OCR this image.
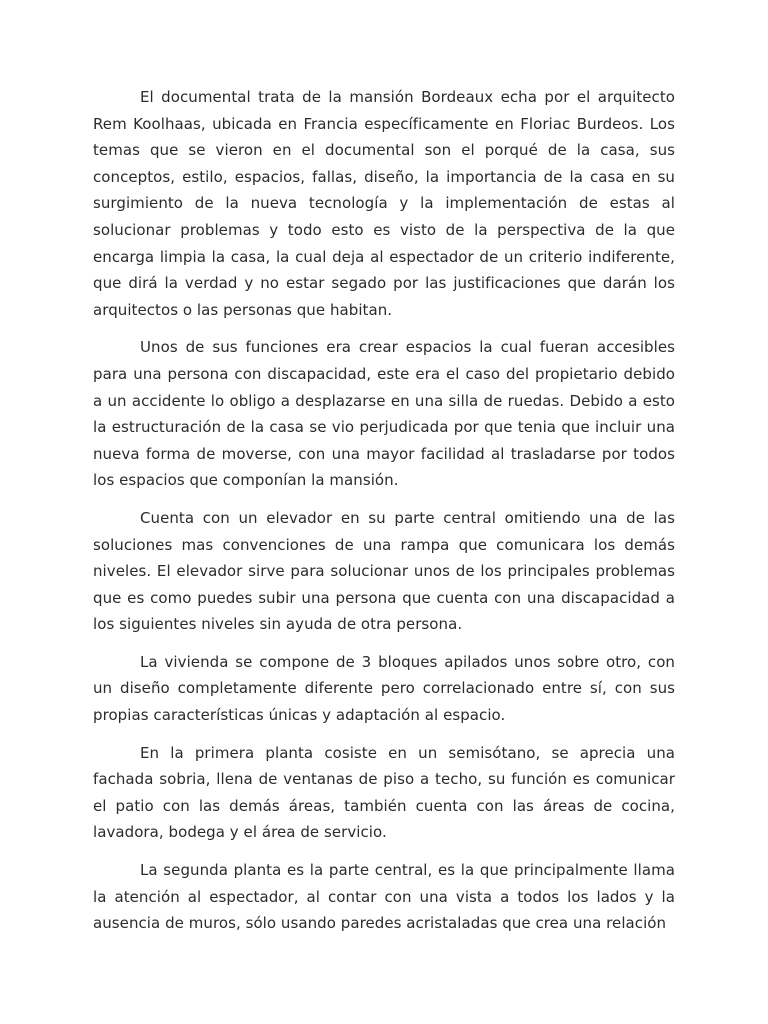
El documental trata de la mansión Bordeaux echa por el arquitecto Rem Koolhaas, ubicada en Francia específicamente en Floriac Burdeos. Los temas que se vieron en el documental son el porqué de la casa, sus conceptos, estilo, espacios, fallas, diseño, la importancia de la casa en su surgimiento de la nueva tecnología y la implementación de estas al solucionar problemas y todo esto es visto de la perspectiva de la que encarga limpia la casa, la cual deja al espectador de un criterio indiferente, que dirá la verdad y no estar segado por las justificaciones que darán los arquitectos o las personas que habitan.

Unos de sus funciones era crear espacios la cual fueran accesibles para una persona con discapacidad, este era el caso del propietario debido a un accidente lo obligo a desplazarse en una silla de ruedas. Debido a esto la estructuración de la casa se vio perjudicada por que tenia que incluir una nueva forma de moverse, con una mayor facilidad al trasladarse por todos los espacios que componían la mansión.

Cuenta con un elevador en su parte central omitiendo una de las soluciones mas convenciones de una rampa que comunicara los demás niveles. El elevador sirve para solucionar unos de los principales problemas que es como puedes subir una persona que cuenta con una discapacidad a los siguientes niveles sin ayuda de otra persona.

La vivienda se compone de 3 bloques apilados unos sobre otro, con un diseño completamente diferente pero correlacionado entre sí, con sus propias características únicas y adaptación al espacio.

En la primera planta cosiste en un semisótano, se aprecia una fachada sobria, llena de ventanas de piso a techo, su función es comunicar el patio con las demás áreas, también cuenta con las áreas de cocina, lavadora, bodega y el área de servicio.

La segunda planta es la parte central, es la que principalmente llama la atención al espectador, al contar con una vista a todos los lados y la ausencia de muros, sólo usando paredes acristaladas que crea una relación
